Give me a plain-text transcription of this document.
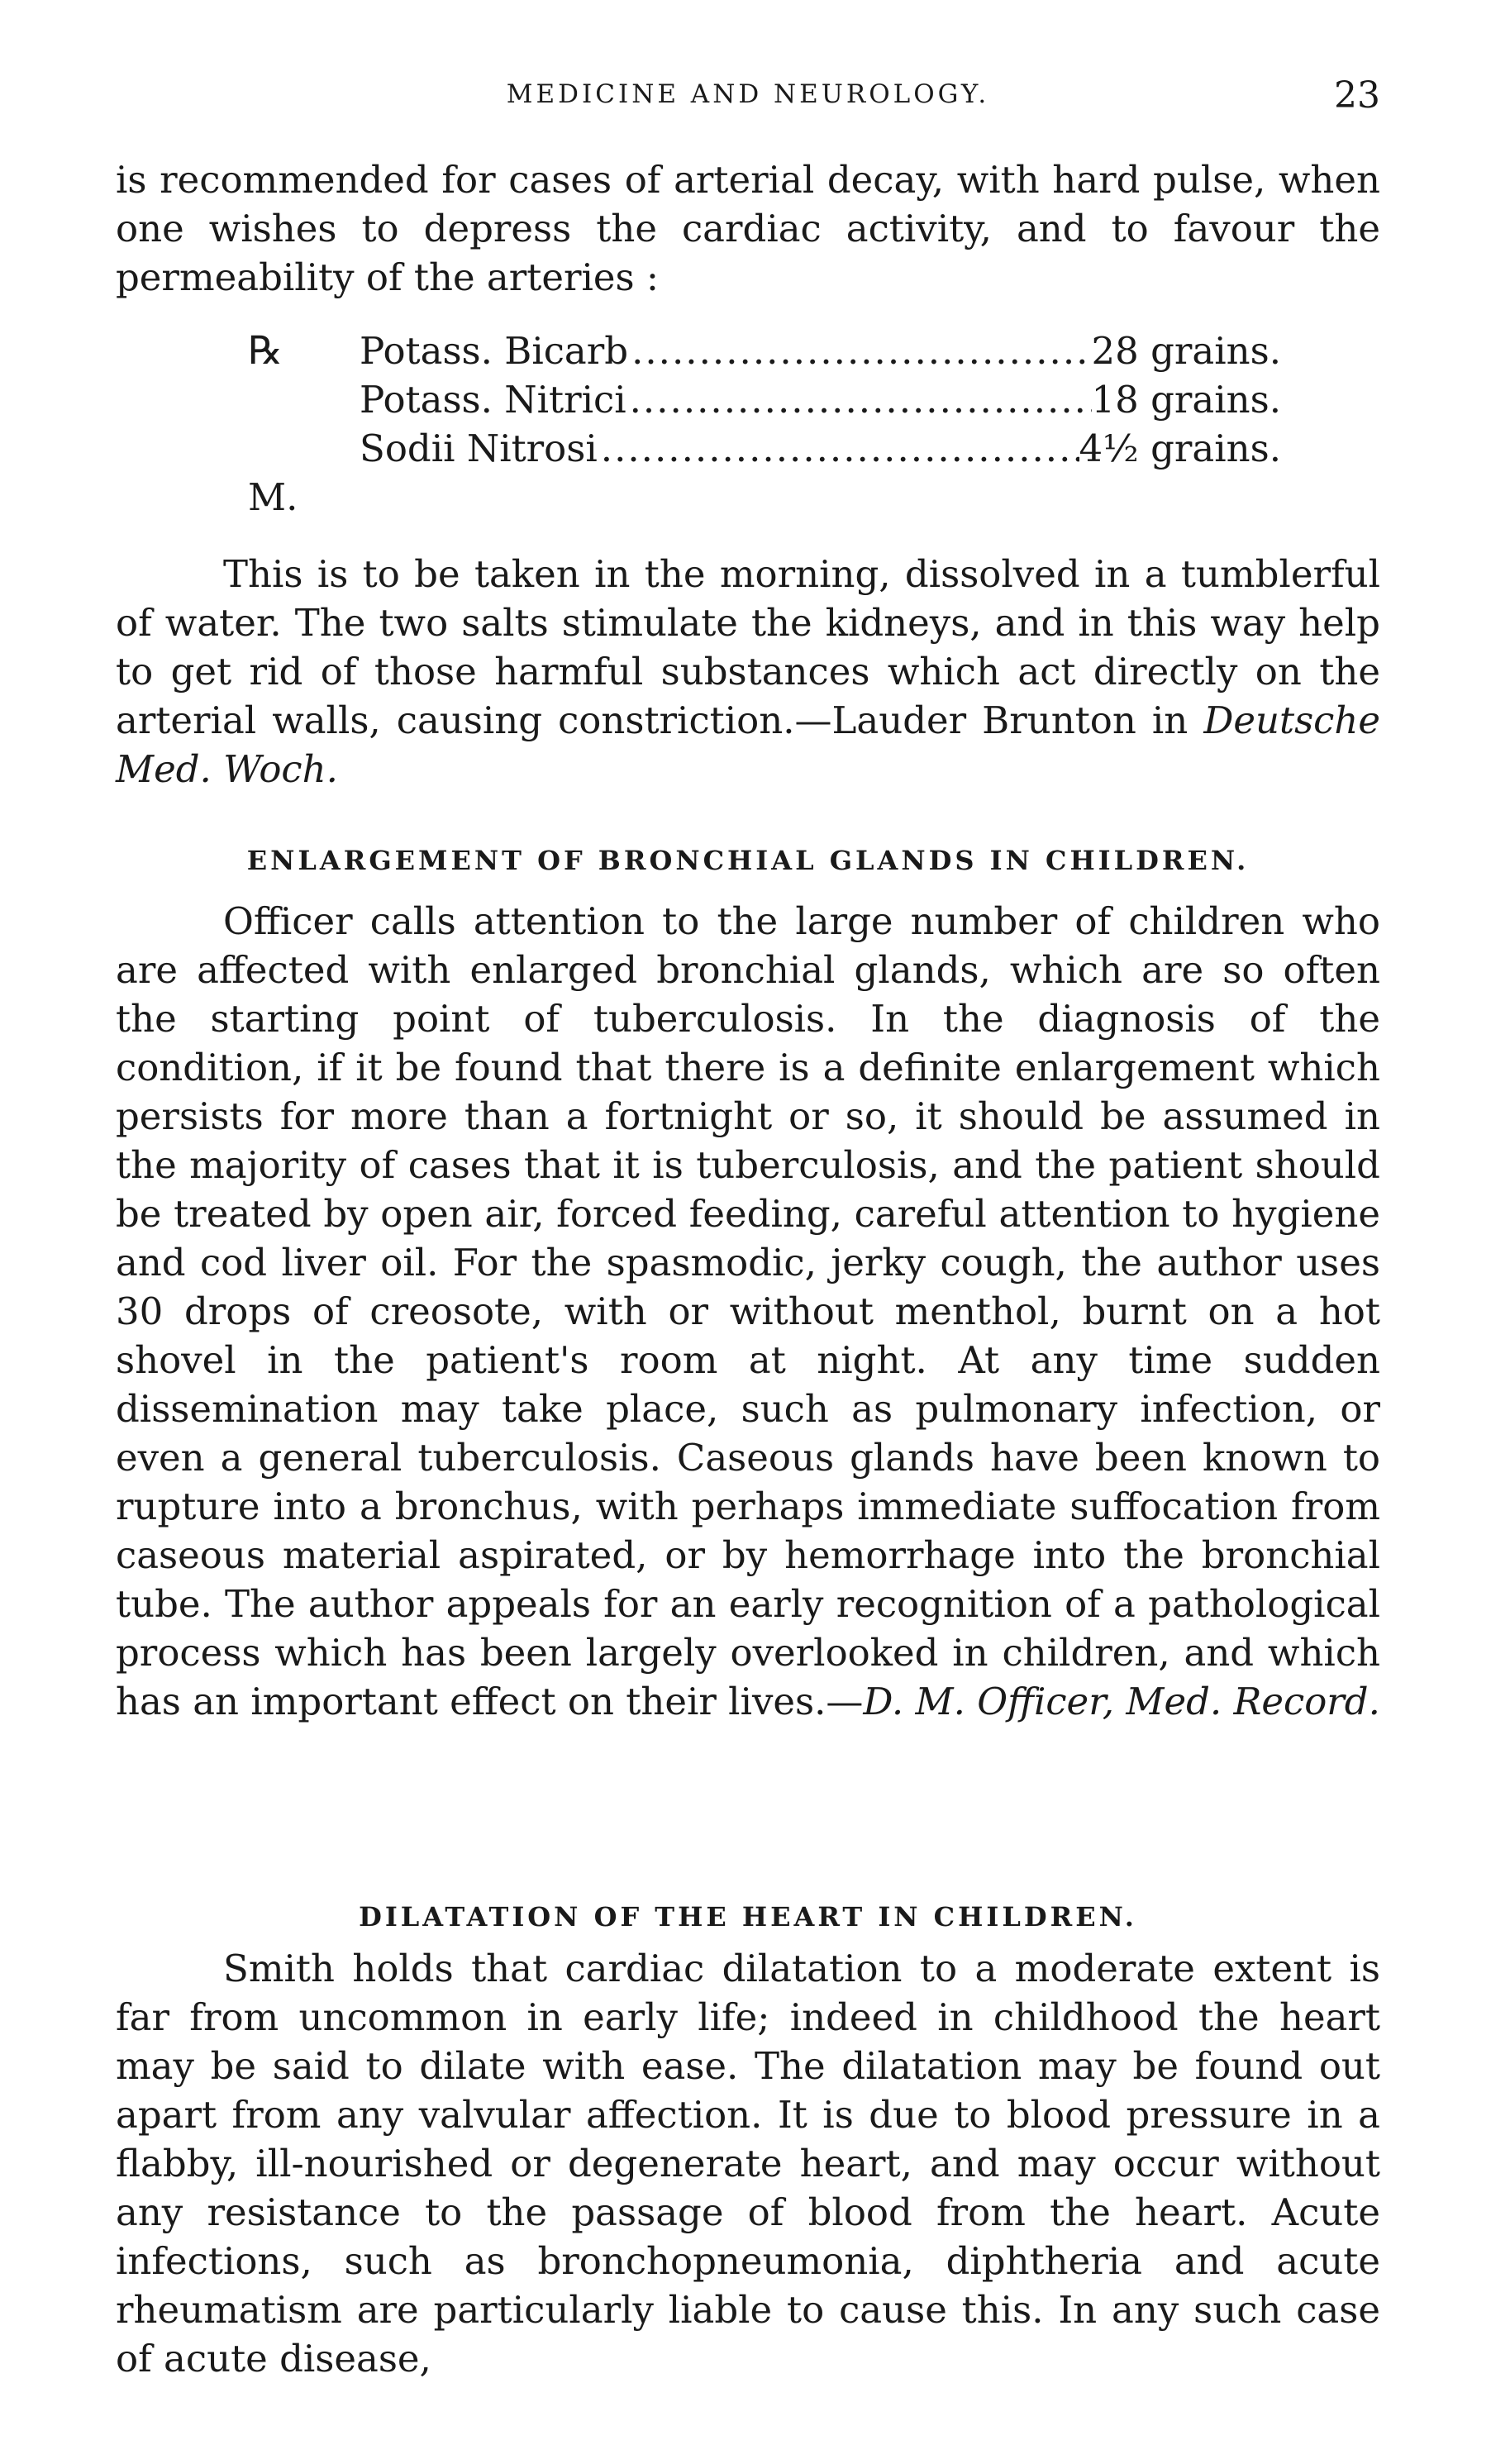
MEDICINE AND NEUROLOGY.	23

is recommended for cases of arterial decay, with hard pulse, when one wishes to depress the cardiac activity, and to favour the permeability of the arteries :

℞ Potass. Bicarb .....	28 grains.
Potass. Nitrici .....	18 grains.
Sodii Nitrosi .....	4½ grains.
M.

This is to be taken in the morning, dissolved in a tumblerful of water. The two salts stimulate the kidneys, and in this way help to get rid of those harmful substances which act directly on the arterial walls, causing constriction.—Lauder Brunton in Deutsche Med. Woch.

ENLARGEMENT OF BRONCHIAL GLANDS IN CHILDREN.

Officer calls attention to the large number of children who are affected with enlarged bronchial glands, which are so often the starting point of tuberculosis. In the diagnosis of the condition, if it be found that there is a definite enlargement which persists for more than a fortnight or so, it should be assumed in the majority of cases that it is tuberculosis, and the patient should be treated by open air, forced feeding, careful attention to hygiene and cod liver oil. For the spasmodic, jerky cough, the author uses 30 drops of creosote, with or without menthol, burnt on a hot shovel in the patient's room at night. At any time sudden dissemination may take place, such as pulmonary infection, or even a general tuberculosis. Caseous glands have been known to rupture into a bronchus, with perhaps immediate suffocation from caseous material aspirated, or by hemorrhage into the bronchial tube. The author appeals for an early recognition of a pathological process which has been largely overlooked in children, and which has an important effect on their lives.—D. M. Officer, Med. Record.

DILATATION OF THE HEART IN CHILDREN.

Smith holds that cardiac dilatation to a moderate extent is far from uncommon in early life; indeed in childhood the heart may be said to dilate with ease. The dilatation may be found out apart from any valvular affection. It is due to blood pressure in a flabby, ill-nourished or degenerate heart, and may occur without any resistance to the passage of blood from the heart. Acute infections, such as bronchopneumonia, diphtheria and acute rheumatism are particularly liable to cause this. In any such case of acute disease,
